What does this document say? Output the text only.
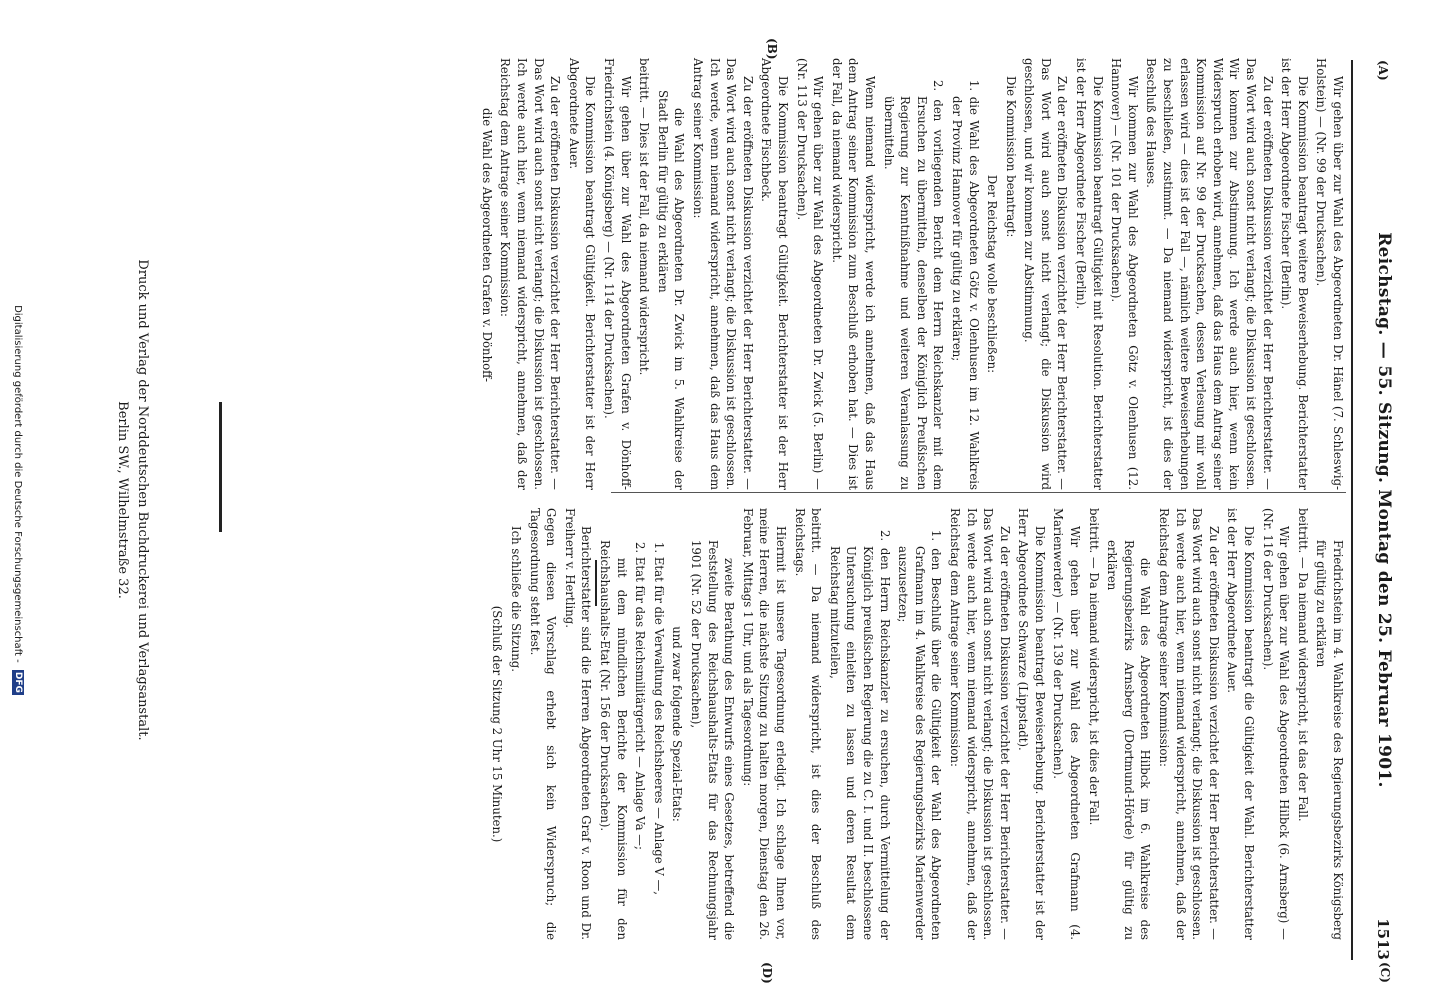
(A)
Reichstag. — 55. Sitzung. Montag den 25. Februar 1901.
1513
(B)
(C)
(D)

Wir gehen über zur Wahl des Abgeordneten Dr. Hänel (7. Schleswig-Holstein) — (Nr. 99 der Drucksachen).

Die Kommission beantragt weitere Beweiserhebung. Berichterstatter ist der Herr Abgeordnete Fischer (Berlin).

Zu der eröffneten Diskussion verzichtet der Herr Berichterstatter. — Das Wort wird auch sonst nicht verlangt; die Diskussion ist geschlossen. Wir kommen zur Abstimmung. Ich werde auch hier, wenn kein Widerspruch erhoben wird, annehmen, daß das Haus dem Antrag seiner Kommission auf Nr. 99 der Drucksachen, dessen Verlesung mir wohl erlassen wird — dies ist der Fall —, nämlich weitere Beweiserhebungen zu beschließen, zustimmt. — Da niemand widerspricht, ist dies der Beschluß des Hauses.

Wir kommen zur Wahl des Abgeordneten Götz v. Olenhusen (12. Hannover) — (Nr. 101 der Drucksachen).

Die Kommission beantragt Gültigkeit mit Resolution. Berichterstatter ist der Herr Abgeordnete Fischer (Berlin).

Zu der eröffneten Diskussion verzichtet der Herr Berichterstatter. — Das Wort wird auch sonst nicht verlangt; die Diskussion wird geschlossen, und wir kommen zur Abstimmung.

Die Kommission beantragt:

Der Reichstag wolle beschließen:

1. die Wahl des Abgeordneten Götz v. Olenhusen im 12. Wahlkreis der Provinz Hannover für gültig zu erklären;

2. den vorliegenden Bericht dem Herrn Reichskanzler mit dem Ersuchen zu übermitteln, denselben der Königlich Preußischen Regierung zur Kenntnißnahme und weiteren Veranlassung zu übermitteln.

Wenn niemand widerspricht, werde ich annehmen, daß das Haus dem Antrag seiner Kommission zum Beschluß erhoben hat. — Dies ist der Fall, da niemand widerspricht.

Wir gehen über zur Wahl des Abgeordneten Dr. Zwick (5. Berlin) — (Nr. 113 der Drucksachen).

Die Kommission beantragt Gültigkeit. Berichterstatter ist der Herr Abgeordnete Fischbeck.

Zu der eröffneten Diskussion verzichtet der Herr Berichterstatter. — Das Wort wird auch sonst nicht verlangt; die Diskussion ist geschlossen. Ich werde, wenn niemand widerspricht, annehmen, daß das Haus dem Antrag seiner Kommission:

die Wahl des Abgeordneten Dr. Zwick im 5. Wahlkreise der Stadt Berlin für gültig zu erklären

beitritt. — Dies ist der Fall, da niemand widerspricht.

Wir gehen über zur Wahl des Abgeordneten Grafen v. Dönhoff-Friedrichstein (4. Königsberg) — (Nr. 114 der Drucksachen).

Die Kommission beantragt Gültigkeit. Berichterstatter ist der Herr Abgeordnete Auer.

Zu der eröffneten Diskussion verzichtet der Herr Berichterstatter. — Das Wort wird auch sonst nicht verlangt; die Diskussion ist geschlossen. Ich werde auch hier, wenn niemand widerspricht, annehmen, daß der Reichstag dem Antrage seiner Kommission:

die Wahl des Abgeordneten Grafen v. Dönhoff-

Friedrichstein im 4. Wahlkreise des Regierungsbezirks Königsberg für gültig zu erklären

beitritt. — Da niemand widerspricht, ist das der Fall.

Wir gehen über zur Wahl des Abgeordneten Hilbck (6. Arnsberg) — (Nr. 116 der Drucksachen).

Die Kommission beantragt die Gültigkeit der Wahl. Berichterstatter ist der Herr Abgeordnete Auer.

Zu der eröffneten Diskussion verzichtet der Herr Berichterstatter. — Das Wort wird auch sonst nicht verlangt; die Diskussion ist geschlossen. Ich werde auch hier, wenn niemand widerspricht, annehmen, daß der Reichstag dem Antrage seiner Kommission:

die Wahl des Abgeordneten Hilbck im 6. Wahlkreise des Regierungsbezirks Arnsberg (Dortmund-Hörde) für gültig zu erklären

beitritt. — Da niemand widerspricht, ist dies der Fall.

Wir gehen über zur Wahl des Abgeordneten Grafmann (4. Marienwerder) — (Nr. 139 der Drucksachen).

Die Kommission beantragt Beweiserhebung. Berichterstatter ist der Herr Abgeordnete Schwarze (Lippstadt).

Zu der eröffneten Diskussion verzichtet der Herr Berichterstatter. — Das Wort wird auch sonst nicht verlangt; die Diskussion ist geschlossen. Ich werde auch hier, wenn niemand widerspricht, annehmen, daß der Reichstag dem Antrage seiner Kommission:

1. den Beschluß über die Gültigkeit der Wahl des Abgeordneten Grafmann im 4. Wahlkreise des Regierungsbezirks Marienwerder auszusetzen;

2. den Herrn Reichskanzler zu ersuchen, durch Vermittelung der Königlich preußischen Regierung die zu C. I. und II. beschlossene Untersuchung einleiten zu lassen und deren Resultat dem Reichstag mitzuteilen,

beitritt. — Da niemand widerspricht, ist dies der Beschluß des Reichstags.

Hiermit ist unsere Tagesordnung erledigt. Ich schlage Ihnen vor, meine Herren, die nächste Sitzung zu halten morgen, Dienstag den 26. Februar, Mittags 1 Uhr, und als Tagesordnung:

zweite Berathung des Entwurfs eines Gesetzes, betreffend die Feststellung des Reichshaushalts-Etats für das Rechnungsjahr 1901 (Nr. 52 der Drucksachen),

und zwar folgende Spezial-Etats:

1. Etat für die Verwaltung des Reichsheeres — Anlage V —,

2. Etat für das Reichsmilitärgericht — Anlage Va —;

mit dem mündlichen Berichte der Kommission für den Reichshaushalts-Etat (Nr. 156 der Drucksachen).

Berichterstatter sind die Herren Abgeordneten Graf v. Roon und Dr. Freiherr v. Hertling.

Gegen diesen Vorschlag erhebt sich kein Widerspruch; die Tagesordnung steht fest.

Ich schließe die Sitzung.

(Schluß der Sitzung 2 Uhr 15 Minuten.)

Druck und Verlag der Norddeutschen Buchdruckerei und Verlagsanstalt.
Berlin SW., Wilhelmstraße 32.
Digitalisierung gefördert durch die Deutsche Forschungsgemeinschaft - DFG
